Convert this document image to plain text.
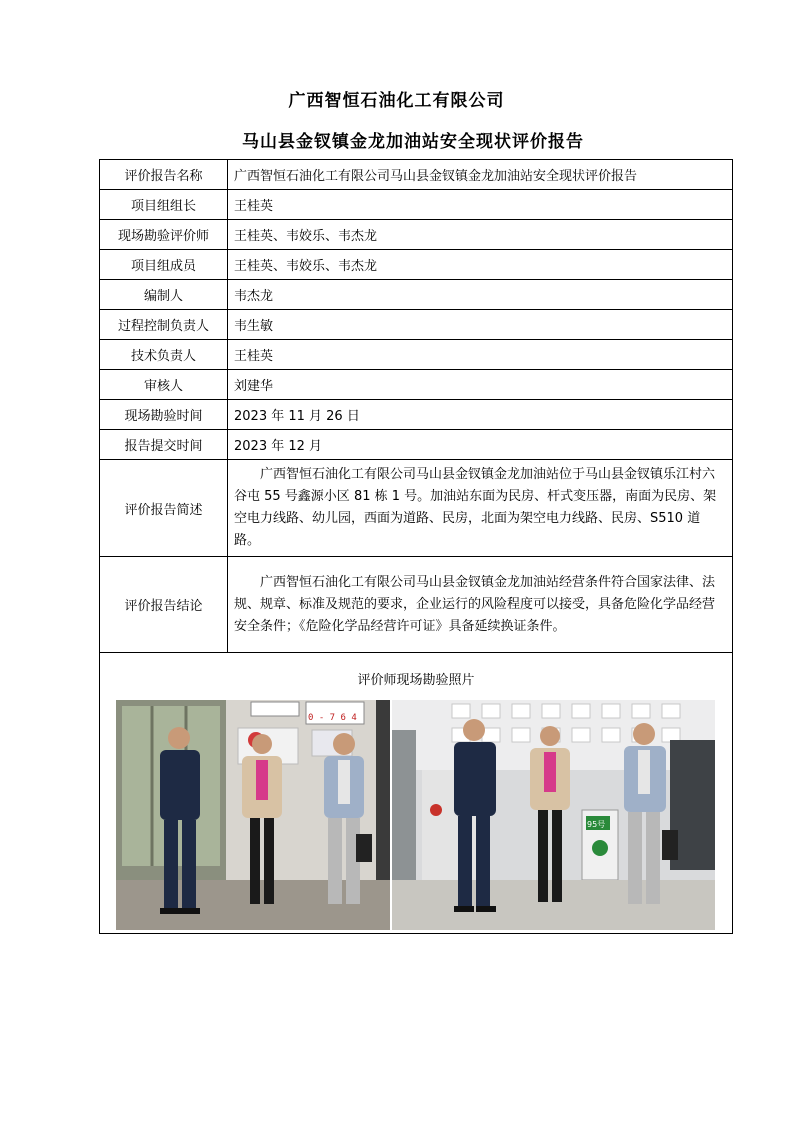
广西智恒石油化工有限公司
马山县金钗镇金龙加油站安全现状评价报告
评价报告名称	广西智恒石油化工有限公司马山县金钗镇金龙加油站安全现状评价报告
项目组组长	王桂英
现场勘验评价师	王桂英、韦姣乐、韦杰龙
项目组成员	王桂英、韦姣乐、韦杰龙
编制人	韦杰龙
过程控制负责人	韦生敏
技术负责人	王桂英
审核人	刘建华
现场勘验时间	2023 年 11 月 26 日
报告提交时间	2023 年 12 月
评价报告简述	广西智恒石油化工有限公司马山县金钗镇金龙加油站位于马山县金钗镇乐江村六谷屯 55 号鑫源小区 81 栋 1 号。加油站东面为民房、杆式变压器，南面为民房、架空电力线路、幼儿园，西面为道路、民房，北面为架空电力线路、民房、S510 道路。
评价报告结论	广西智恒石油化工有限公司马山县金钗镇金龙加油站经营条件符合国家法律、法规、规章、标准及规范的要求，企业运行的风险程度可以接受，具备危险化学品经营安全条件；《危险化学品经营许可证》具备延续换证条件。

评价师现场勘验照片
0 - 7 6 4
95号	
